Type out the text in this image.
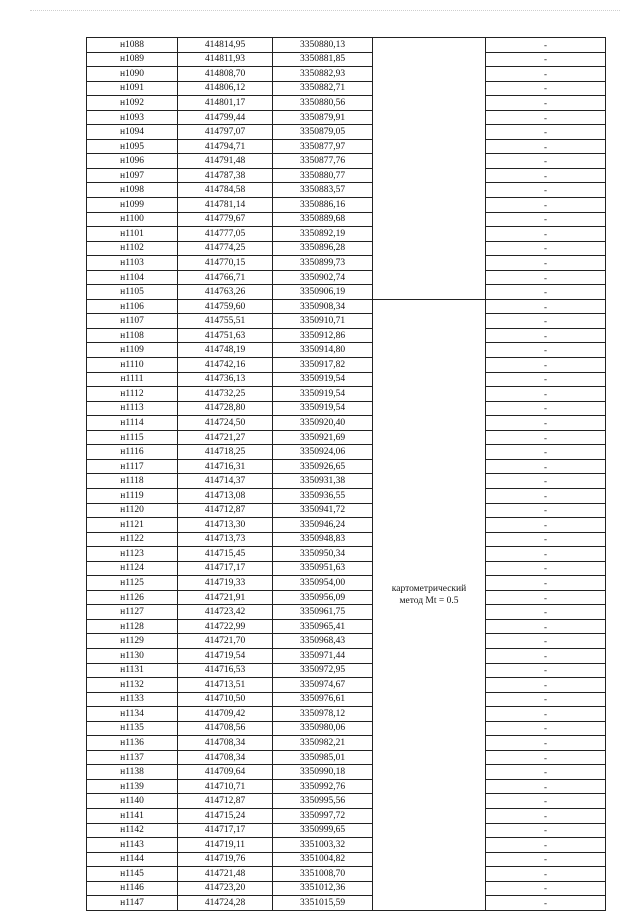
н1088	414814,95	3350880,13		-
н1089	414811,93	3350881,85		-
н1090	414808,70	3350882,93		-
н1091	414806,12	3350882,71		-
н1092	414801,17	3350880,56		-
н1093	414799,44	3350879,91		-
н1094	414797,07	3350879,05		-
н1095	414794,71	3350877,97		-
н1096	414791,48	3350877,76		-
н1097	414787,38	3350880,77		-
н1098	414784,58	3350883,57		-
н1099	414781,14	3350886,16		-
н1100	414779,67	3350889,68		-
н1101	414777,05	3350892,19		-
н1102	414774,25	3350896,28		-
н1103	414770,15	3350899,73		-
н1104	414766,71	3350902,74		-
н1105	414763,26	3350906,19		-
н1106	414759,60	3350908,34	картометрический метод Mt = 0.5	-
н1107	414755,51	3350910,71		-
н1108	414751,63	3350912,86		-
н1109	414748,19	3350914,80		-
н1110	414742,16	3350917,82		-
н1111	414736,13	3350919,54		-
н1112	414732,25	3350919,54		-
н1113	414728,80	3350919,54		-
н1114	414724,50	3350920,40		-
н1115	414721,27	3350921,69		-
н1116	414718,25	3350924,06		-
н1117	414716,31	3350926,65		-
н1118	414714,37	3350931,38		-
н1119	414713,08	3350936,55		-
н1120	414712,87	3350941,72		-
н1121	414713,30	3350946,24		-
н1122	414713,73	3350948,83		-
н1123	414715,45	3350950,34		-
н1124	414717,17	3350951,63		-
н1125	414719,33	3350954,00		-
н1126	414721,91	3350956,09		-
н1127	414723,42	3350961,75		-
н1128	414722,99	3350965,41		-
н1129	414721,70	3350968,43		-
н1130	414719,54	3350971,44		-
н1131	414716,53	3350972,95		-
н1132	414713,51	3350974,67		-
н1133	414710,50	3350976,61		-
н1134	414709,42	3350978,12		-
н1135	414708,56	3350980,06		-
н1136	414708,34	3350982,21		-
н1137	414708,34	3350985,01		-
н1138	414709,64	3350990,18		-
н1139	414710,71	3350992,76		-
н1140	414712,87	3350995,56		-
н1141	414715,24	3350997,72		-
н1142	414717,17	3350999,65		-
н1143	414719,11	3351003,32		-
н1144	414719,76	3351004,82		-
н1145	414721,48	3351008,70		-
н1146	414723,20	3351012,36		-
н1147	414724,28	3351015,59		-
